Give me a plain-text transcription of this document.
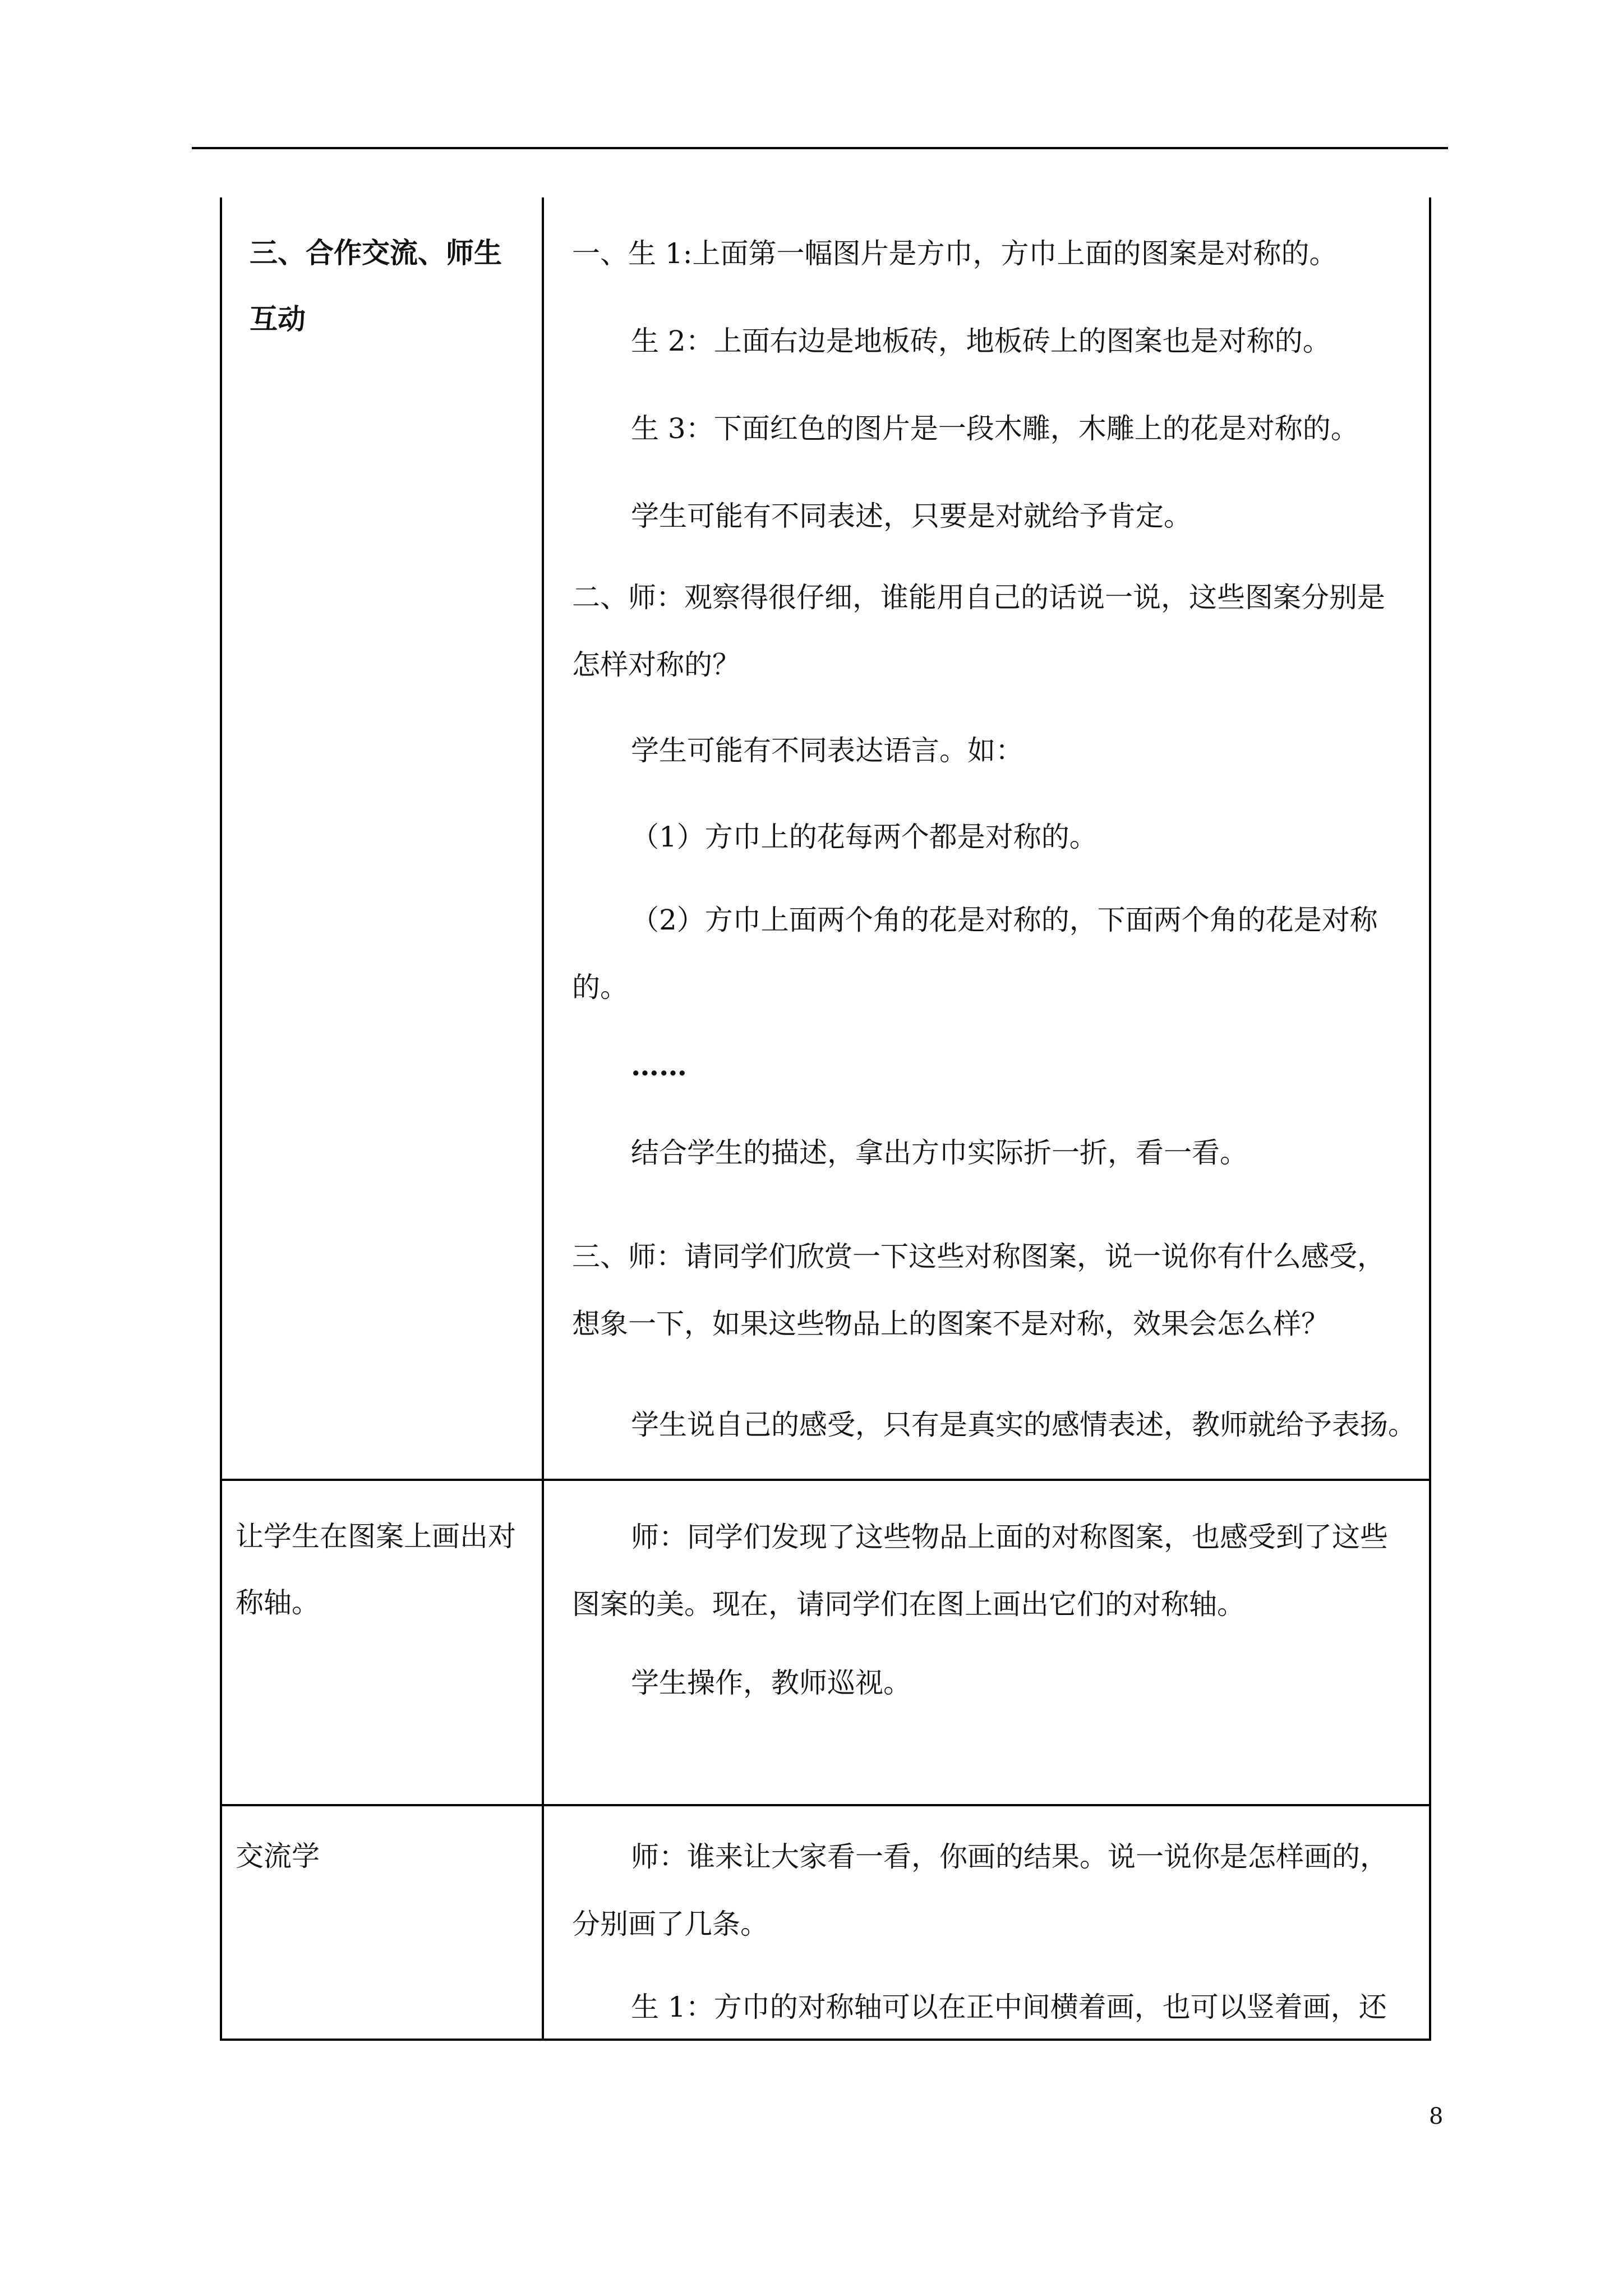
三、合作交流、师生互动
一、生 1:上面第一幅图片是方巾，方巾上面的图案是对称的。
生 2：上面右边是地板砖，地板砖上的图案也是对称的。
生 3：下面红色的图片是一段木雕，木雕上的花是对称的。
学生可能有不同表述，只要是对就给予肯定。
二、师：观察得很仔细，谁能用自己的话说一说，这些图案分别是怎样对称的？
学生可能有不同表达语言。如：
（1）方巾上的花每两个都是对称的。
（2）方巾上面两个角的花是对称的，下面两个角的花是对称的。
……
结合学生的描述，拿出方巾实际折一折，看一看。
三、师：请同学们欣赏一下这些对称图案，说一说你有什么感受，想象一下，如果这些物品上的图案不是对称，效果会怎么样？
学生说自己的感受，只有是真实的感情表述，教师就给予表扬。
让学生在图案上画出对称轴。
师：同学们发现了这些物品上面的对称图案，也感受到了这些图案的美。现在，请同学们在图上画出它们的对称轴。
学生操作，教师巡视。
交流学	师：谁来让大家看一看，你画的结果。说一说你是怎样画的，分别画了几条。
生 1：方巾的对称轴可以在正中间横着画，也可以竖着画，还
8
